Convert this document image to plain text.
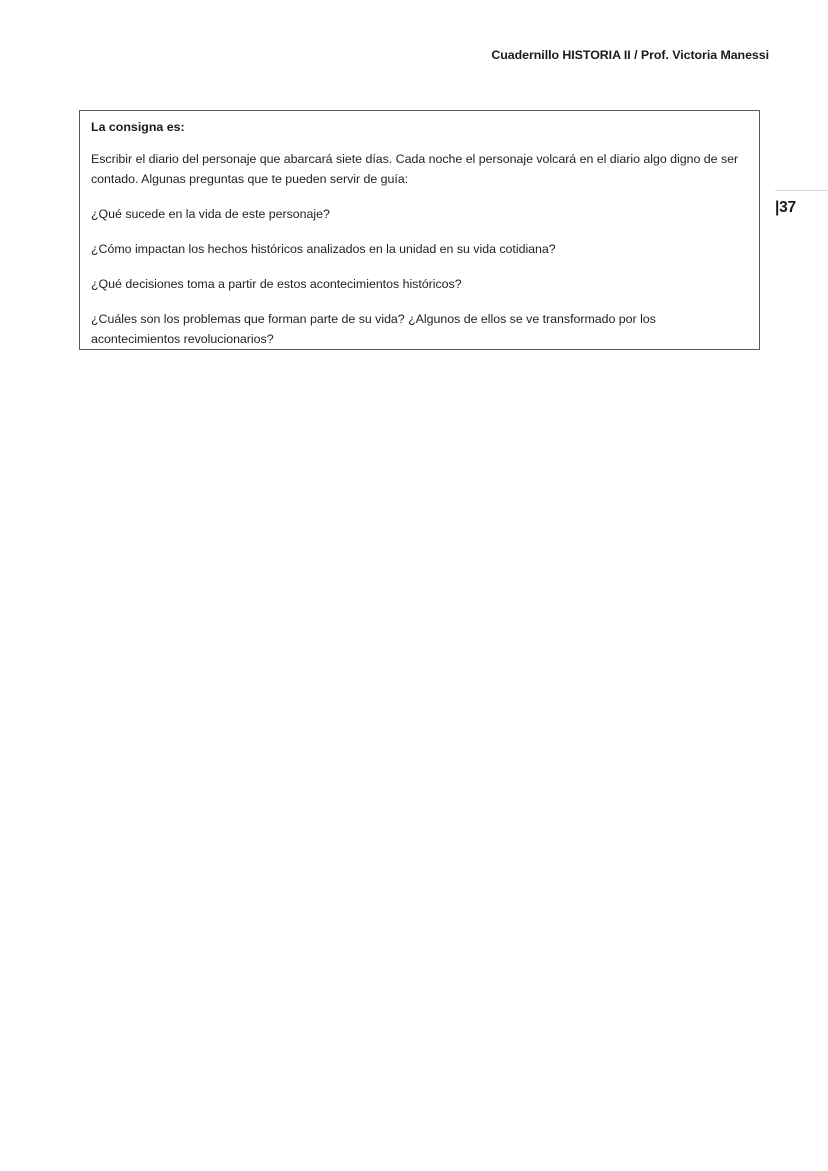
Cuadernillo HISTORIA II / Prof. Victoria Manessi
|37

La consigna es:

Escribir el diario del personaje que abarcará siete días. Cada noche el personaje volcará en el diario algo digno de ser contado. Algunas preguntas que te pueden servir de guía:

¿Qué sucede en la vida de este personaje?

¿Cómo impactan los hechos históricos analizados en la unidad en su vida cotidiana?

¿Qué decisiones toma a partir de estos acontecimientos históricos?

¿Cuáles son los problemas que forman parte de su vida? ¿Algunos de ellos se ve transformado por los acontecimientos revolucionarios?
